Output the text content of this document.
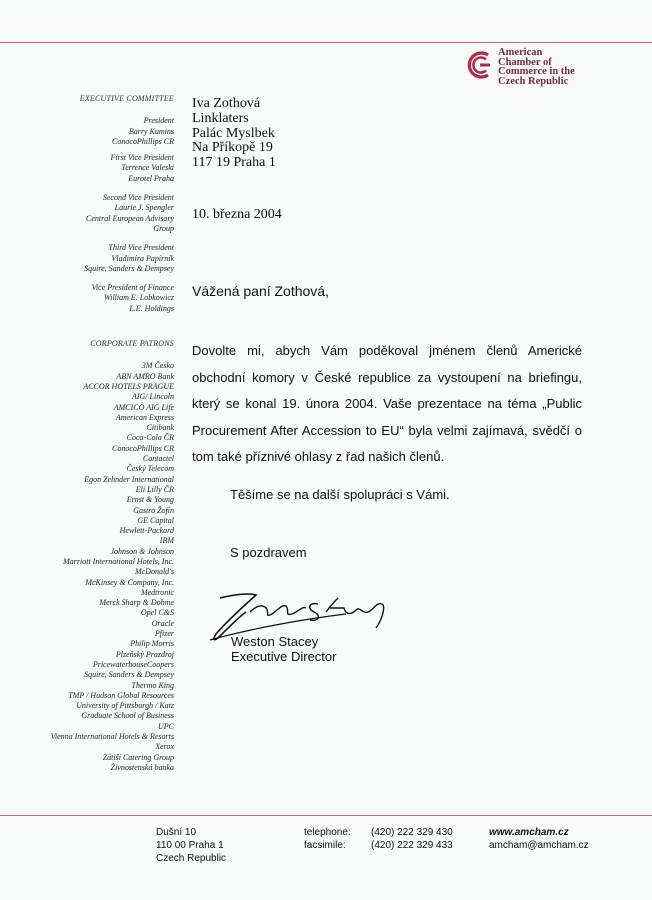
American
Chamber of
Commerce in the
Czech Republic
EXECUTIVE COMMITTEE
President
Barry Kumins
ConocoPhillips CR
First Vice President
Terrence Valeski
Eurotel Praha
Second Vice President
Laurie J. Spengler
Central European Advisory
Group
Third Vice President
Vladimíra Papírník
Squire, Sanders & Dempsey
Vice President of Finance
William E. Lobkowicz
L.E. Holdings
CORPORATE PATRONS
3M Česko
ABN AMRO Bank
ACCOR HOTELS PRAGUE
AIG/ Lincoln
AMCICO AIG Life
American Express
Citibank
Coca-Cola ČR
ConocoPhillips CR
Contactel
Český Telecom
Egon Zehnder International
Eli Lilly ČR
Ernst & Young
Gastro Žofín
GE Capital
Hewlett-Packard
IBM
Johnson & Johnson
Marriott International Hotels, Inc.
McDonald's
McKinsey & Company, Inc.
Medtronic
Merck Sharp & Dohme
Opel C&S
Oracle
Pfizer
Philip Morris
Plzeňský Prazdroj
PricewaterhouseCoopers
Squire, Sanders & Dempsey
Thermo King
TMP / Hudson Global Resources
University of Pittsburgh / Katz
Graduate School of Business
UPC
Vienna International Hotels & Resorts
Xerox
Zátiší Catering Group
Živnostenská banka
Iva Zothová
Linklaters
Palác Myslbek
Na Příkopě 19
117 19 Praha 1
10. března 2004
Vážená paní Zothová,

Dovolte mi, abych Vám poděkoval jménem členů Americké obchodní komory v České republice za vystoupení na briefingu, který se konal 19. února 2004. Vaše prezentace na téma „Public Procurement After Accession to EU“ byla velmi zajímavá, svědčí o tom také příznivé ohlasy z řad našich členů.

Těšíme se na další spolupráci s Vámi.
S pozdravem
Weston Stacey
Executive Director
Dušní 10
110 00 Praha 1
Czech Republic
telephone:
facsimile:
(420) 222 329 430
(420) 222 329 433
www.amcham.cz
amcham@amcham.cz
